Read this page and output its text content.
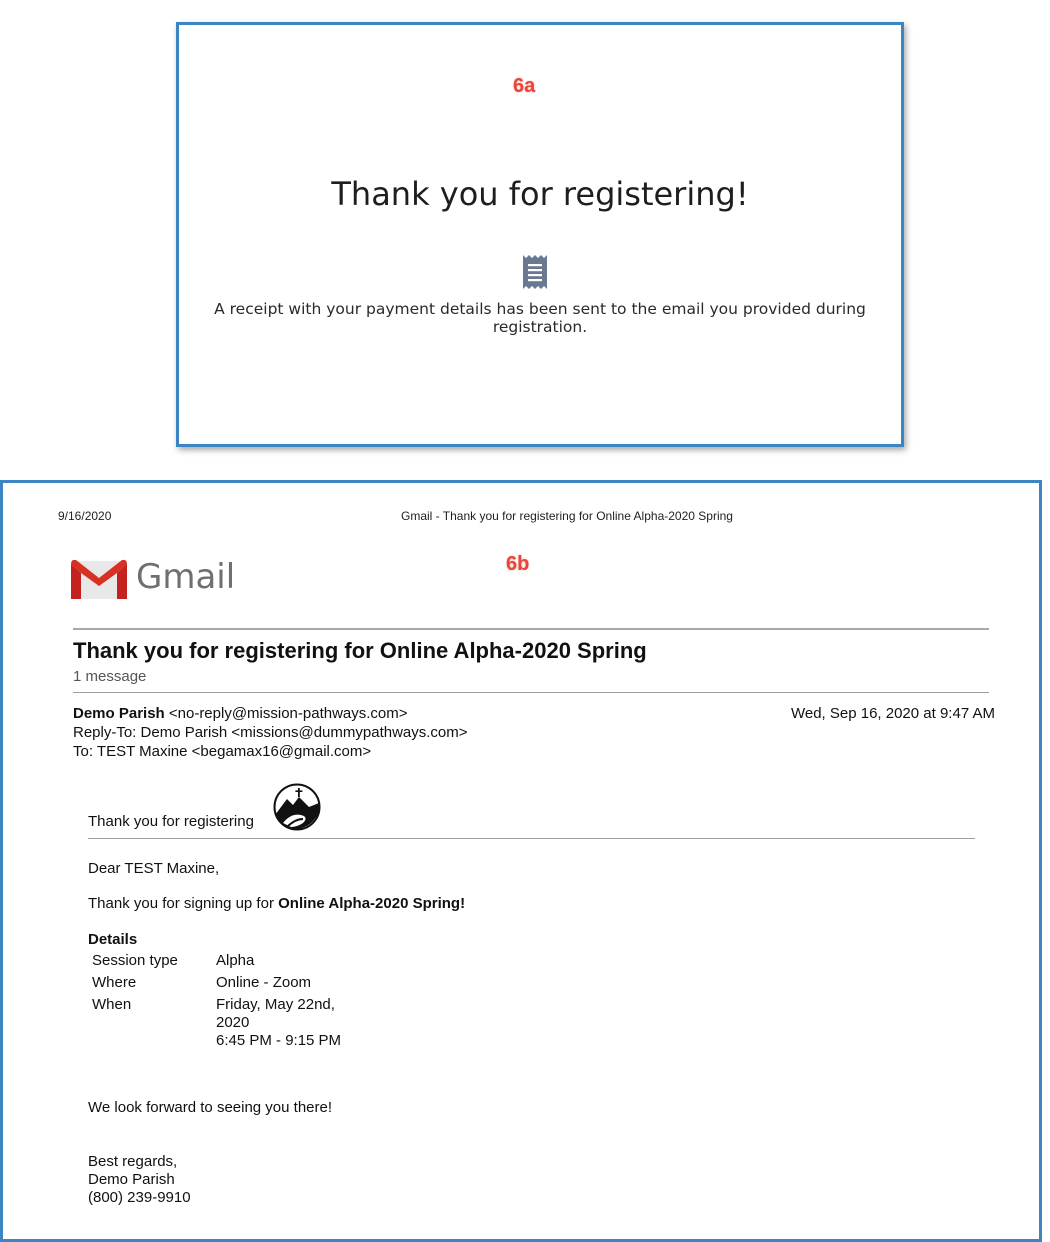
6a
Thank you for registering!
A receipt with your payment details has been sent to the email you provided during registration.
9/16/2020	Gmail - Thank you for registering for Online Alpha-2020 Spring
6b
Gmail
Thank you for registering for Online Alpha-2020 Spring
1 message
Demo Parish <no-reply@mission-pathways.com>
Reply-To: Demo Parish <missions@dummypathways.com>
To: TEST Maxine <begamax16@gmail.com>
Wed, Sep 16, 2020 at 9:47 AM
Thank you for registering
Dear TEST Maxine,
Thank you for signing up for Online Alpha-2020 Spring!
Details
Session type	Alpha
Where	Online - Zoom
When	Friday, May 22nd, 2020
6:45 PM - 9:15 PM
We look forward to seeing you there!
Best regards,
Demo Parish
(800) 239-9910
